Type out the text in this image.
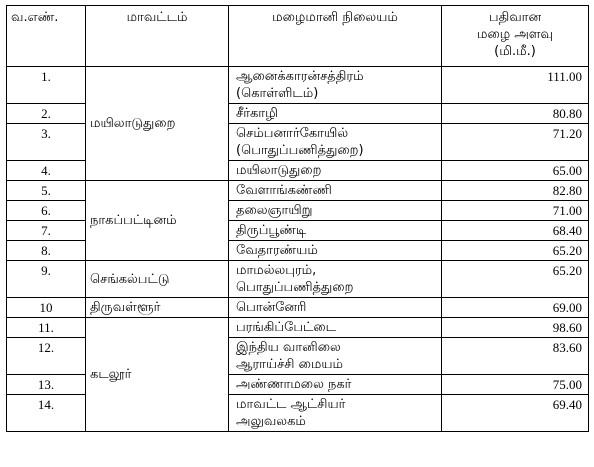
வ.எண்.	மாவட்டம்	மழைமானி நிலையம்	பதிவான
மழை அளவு
(மி.மீ.)

1.	மயிலாடுதுறை	ஆனைக்காரன்சத்திரம்
(கொள்ளிடம்)	111.00
2.		சீர்காழி	80.80
3.		செம்பனார்கோயில்
(பொதுப்பணித்துறை)	71.20
4.		மயிலாடுதுறை	65.00
5.	நாகப்பட்டினம்	வேளாங்கண்ணி	82.80
6.		தலைஞாயிறு	71.00
7.		திருப்பூண்டி	68.40
8.		வேதாரண்யம்	65.20
9.	செங்கல்பட்டு	மாமல்லபுரம்,
பொதுப்பணித்துறை	65.20
10	திருவள்ளூர்	பொன்னேரி	69.00
11.	கடலூர்	பரங்கிப்பேட்டை	98.60
12.		இந்திய வானிலை
ஆராய்ச்சி மையம்	83.60
13.		அண்ணாமலை நகர்	75.00
14.		மாவட்ட ஆட்சியர்
அலுவலகம்	69.40
